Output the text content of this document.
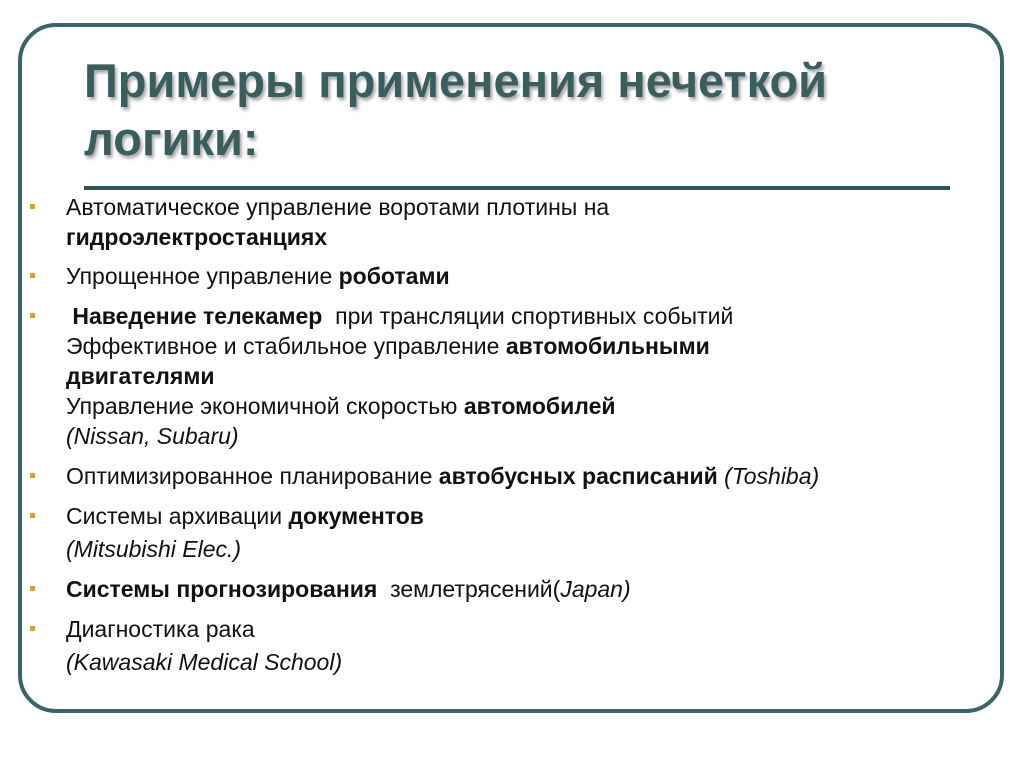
Примеры применения нечеткой
логики:
Автоматическое управление воротами плотины на
гидроэлектростанциях
Упрощенное управление роботами
Наведение телекамер  при трансляции спортивных событий
Эффективное и стабильное управление автомобильными
двигателями
Управление экономичной скоростью автомобилей
(Nissan, Subaru)
Оптимизированное планирование автобусных расписаний (Toshiba)
Системы архивации документов
(Mitsubishi Elec.)
Системы прогнозирования  землетрясений(Japan)
Диагностика рака
(Kawasaki Medical School)
